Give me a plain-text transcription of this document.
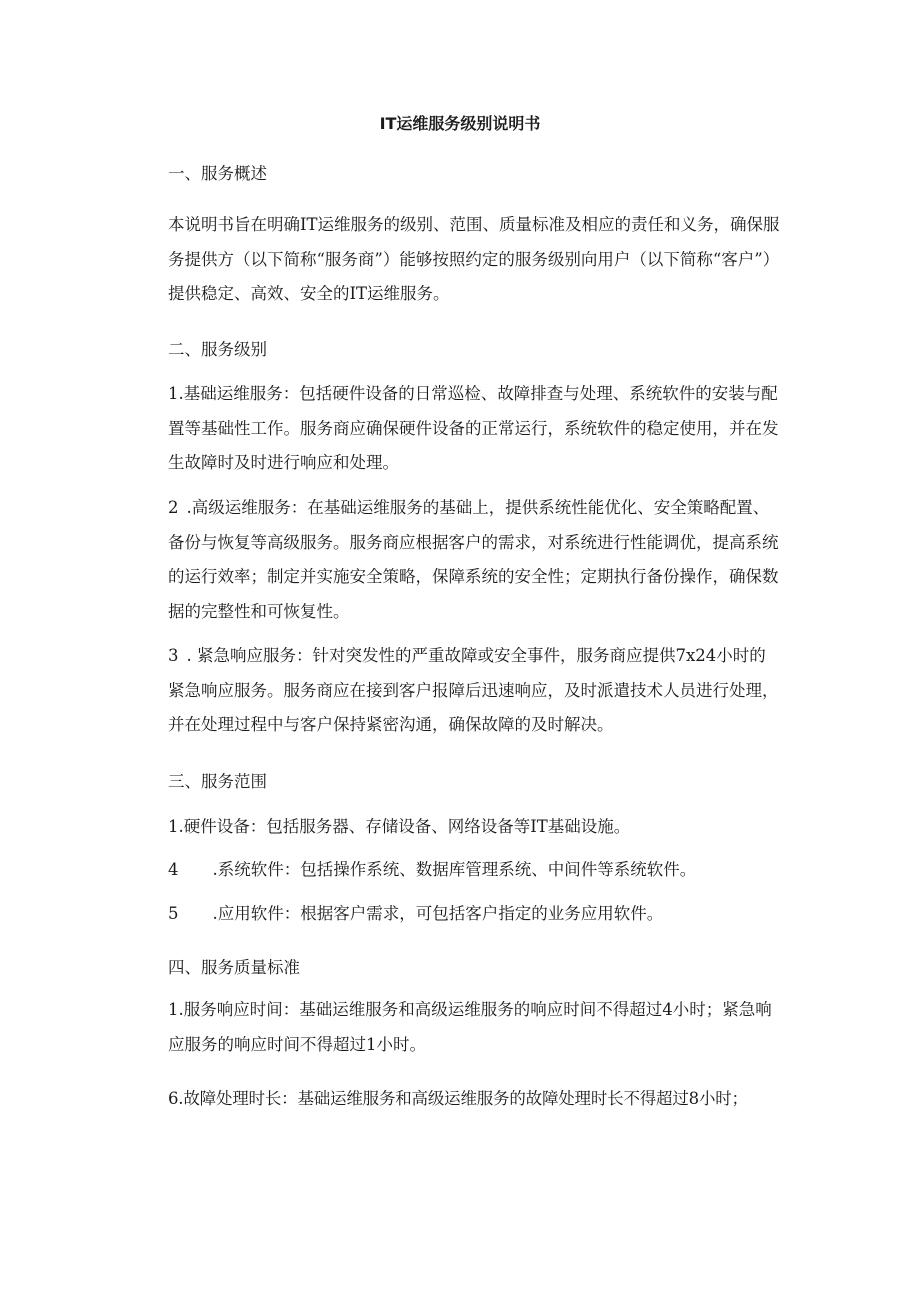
IT运维服务级别说明书

一、服务概述

本说明书旨在明确IT运维服务的级别、范围、质量标准及相应的责任和义务，确保服务提供方（以下简称“服务商”）能够按照约定的服务级别向用户（以下简称“客户”）提供稳定、高效、安全的IT运维服务。

二、服务级别

1.基础运维服务：包括硬件设备的日常巡检、故障排查与处理、系统软件的安装与配置等基础性工作。服务商应确保硬件设备的正常运行，系统软件的稳定使用，并在发生故障时及时进行响应和处理。

2 .高级运维服务：在基础运维服务的基础上，提供系统性能优化、安全策略配置、备份与恢复等高级服务。服务商应根据客户的需求，对系统进行性能调优，提高系统的运行效率；制定并实施安全策略，保障系统的安全性；定期执行备份操作，确保数据的完整性和可恢复性。

3 . 紧急响应服务：针对突发性的严重故障或安全事件，服务商应提供7x24小时的紧急响应服务。服务商应在接到客户报障后迅速响应，及时派遣技术人员进行处理，并在处理过程中与客户保持紧密沟通，确保故障的及时解决。

三、服务范围

1.硬件设备：包括服务器、存储设备、网络设备等IT基础设施。

4 .系统软件：包括操作系统、数据库管理系统、中间件等系统软件。

5 .应用软件：根据客户需求，可包括客户指定的业务应用软件。

四、服务质量标准

1.服务响应时间：基础运维服务和高级运维服务的响应时间不得超过4小时；紧急响应服务的响应时间不得超过1小时。

6.故障处理时长：基础运维服务和高级运维服务的故障处理时长不得超过8小时；
